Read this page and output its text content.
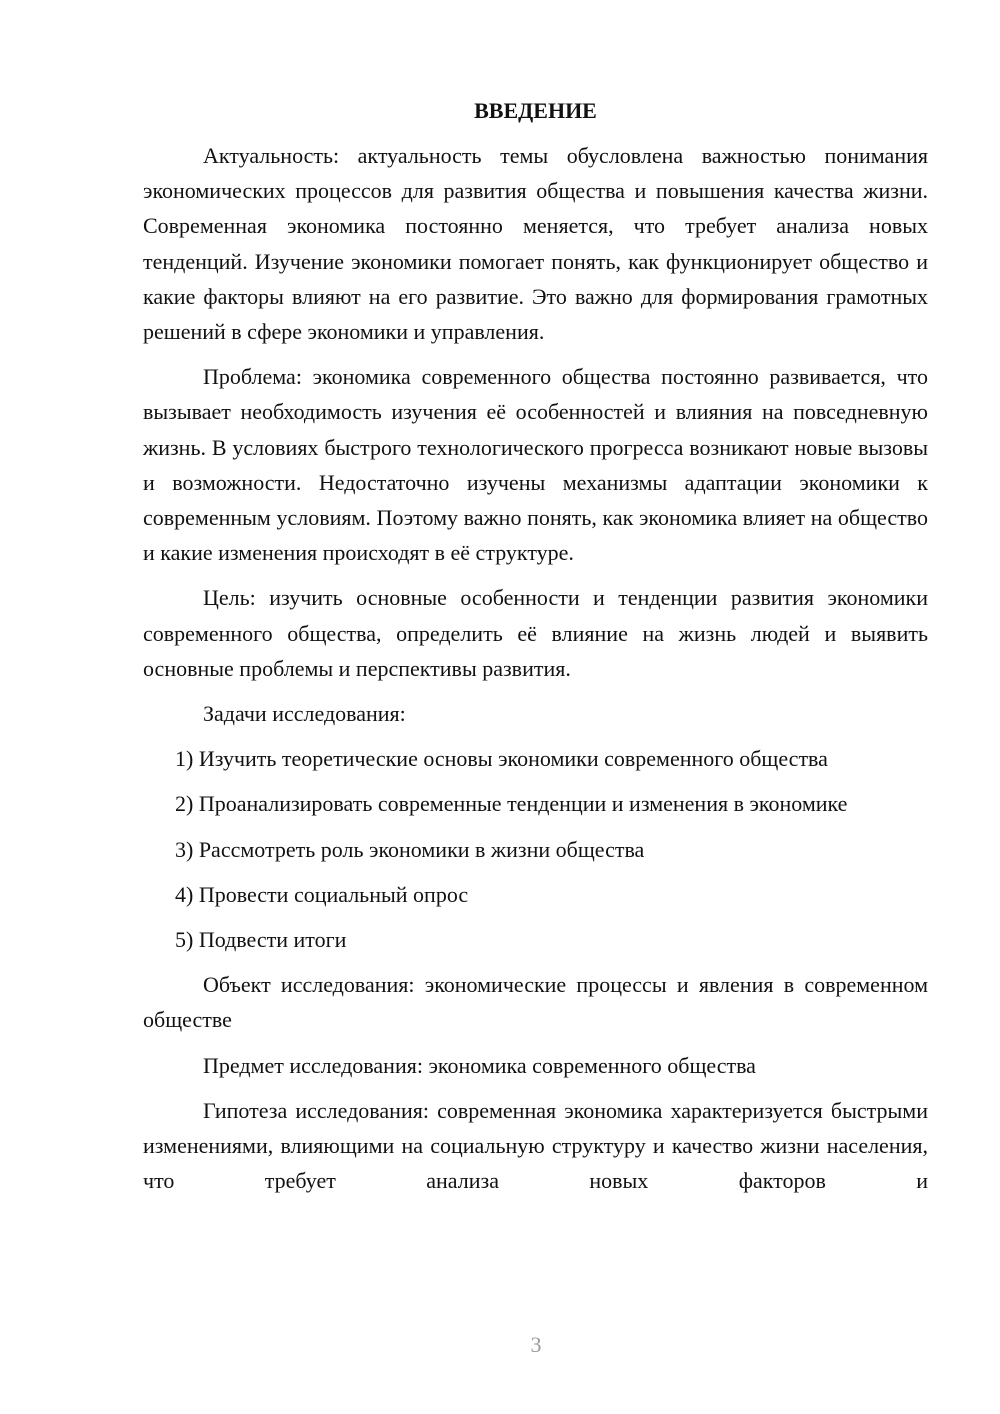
ВВЕДЕНИЕ

Актуальность: актуальность темы обусловлена важностью понимания экономических процессов для развития общества и повышения качества жизни. Современная экономика постоянно меняется, что требует анализа новых тенденций. Изучение экономики помогает понять, как функционирует общество и какие факторы влияют на его развитие. Это важно для формирования грамотных решений в сфере экономики и управления.

Проблема: экономика современного общества постоянно развивается, что вызывает необходимость изучения её особенностей и влияния на повседневную жизнь. В условиях быстрого технологического прогресса возникают новые вызовы и возможности. Недостаточно изучены механизмы адаптации экономики к современным условиям. Поэтому важно понять, как экономика влияет на общество и какие изменения происходят в её структуре.

Цель: изучить основные особенности и тенденции развития экономики современного общества, определить её влияние на жизнь людей и выявить основные проблемы и перспективы развития.

Задачи исследования:

1) Изучить теоретические основы экономики современного общества

2) Проанализировать современные тенденции и изменения в экономике

3) Рассмотреть роль экономики в жизни общества

4) Провести социальный опрос

5) Подвести итоги

Объект исследования: экономические процессы и явления в современном обществе

Предмет исследования: экономика современного общества

Гипотеза исследования: современная экономика характеризуется быстрыми изменениями, влияющими на социальную структуру и качество жизни населения, что требует анализа новых факторов и

3
